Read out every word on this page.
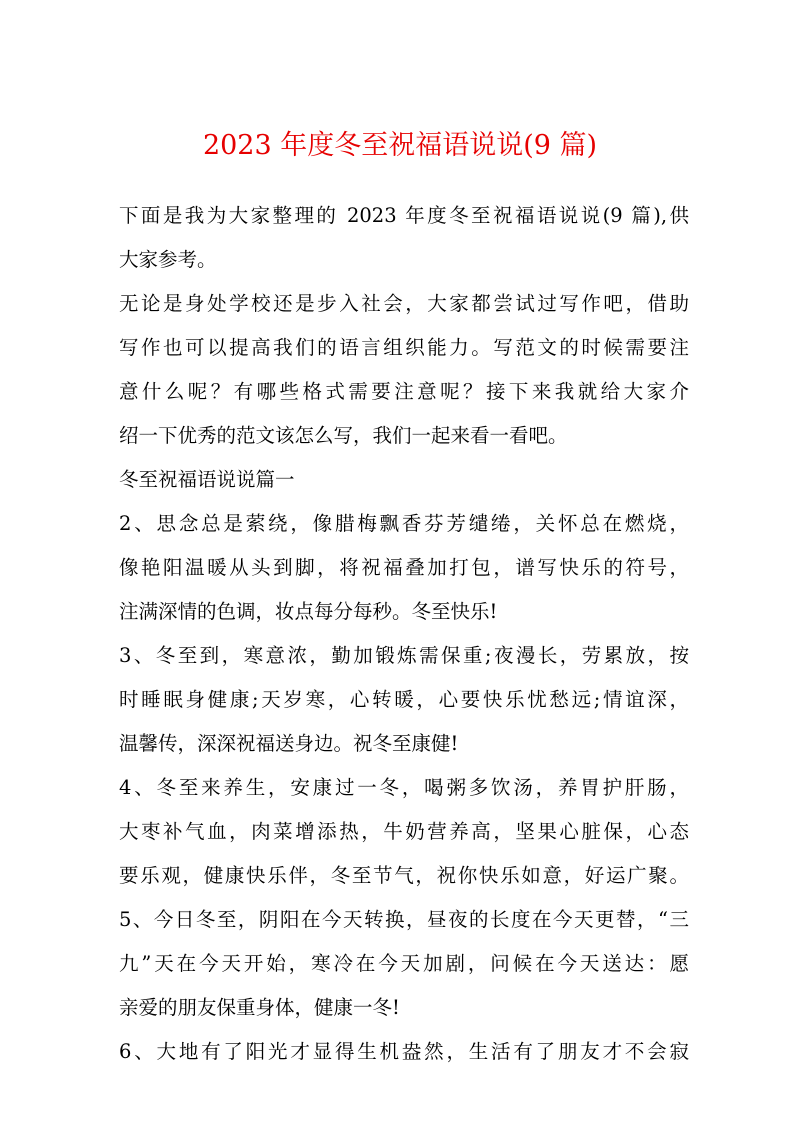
2023 年度冬至祝福语说说(9 篇)
下面是我为大家整理的 2023 年度冬至祝福语说说(9 篇),供
大家参考。
无论是身处学校还是步入社会，大家都尝试过写作吧，借助
写作也可以提高我们的语言组织能力。写范文的时候需要注
意什么呢？有哪些格式需要注意呢？接下来我就给大家介
绍一下优秀的范文该怎么写，我们一起来看一看吧。
冬至祝福语说说篇一
2、思念总是萦绕，像腊梅飘香芬芳缱绻，关怀总在燃烧，
像艳阳温暖从头到脚，将祝福叠加打包，谱写快乐的符号，
注满深情的色调，妆点每分每秒。冬至快乐!
3、冬至到，寒意浓，勤加锻炼需保重;夜漫长，劳累放，按
时睡眠身健康;天岁寒，心转暖，心要快乐忧愁远;情谊深，
温馨传，深深祝福送身边。祝冬至康健!
4、冬至来养生，安康过一冬，喝粥多饮汤，养胃护肝肠，
大枣补气血，肉菜增添热，牛奶营养高，坚果心脏保，心态
要乐观，健康快乐伴，冬至节气，祝你快乐如意，好运广聚。
5、今日冬至，阴阳在今天转换，昼夜的长度在今天更替，“三
九”天在今天开始，寒冷在今天加剧，问候在今天送达：愿
亲爱的朋友保重身体，健康一冬!
6、大地有了阳光才显得生机盎然，生活有了朋友才不会寂
